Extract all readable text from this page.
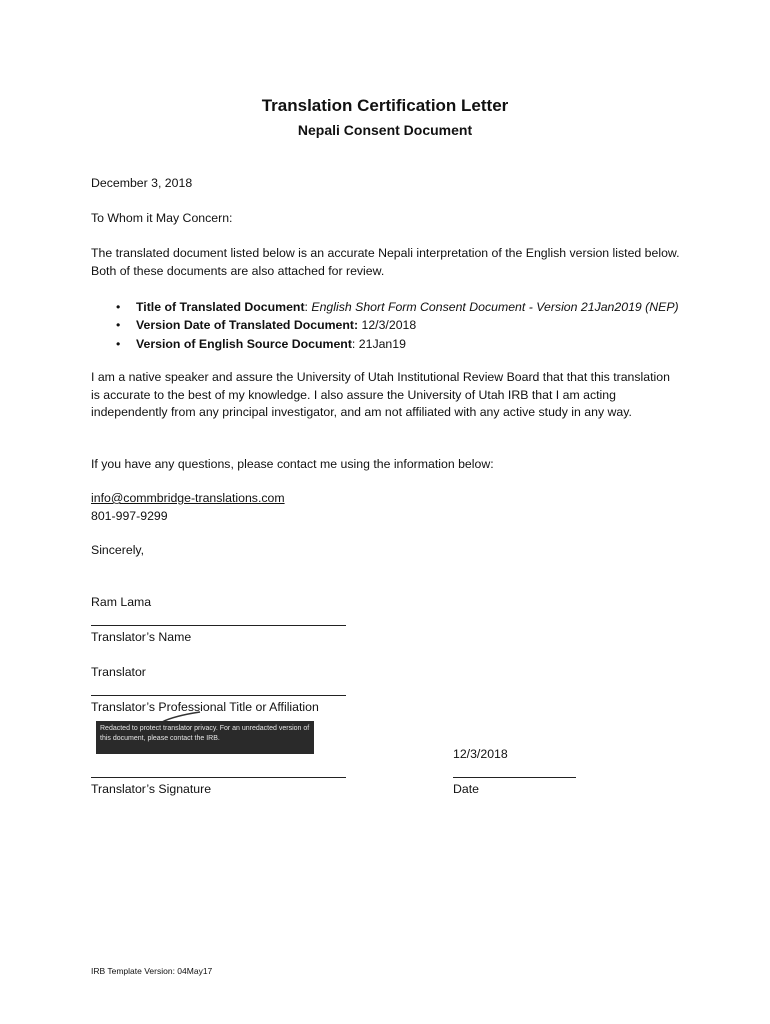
Translation Certification Letter
Nepali Consent Document
December 3, 2018
To Whom it May Concern:
The translated document listed below is an accurate Nepali interpretation of the English version listed below. Both of these documents are also attached for review.
• Title of Translated Document: English Short Form Consent Document - Version 21Jan2019 (NEP)
• Version Date of Translated Document: 12/3/2018
• Version of English Source Document: 21Jan19
I am a native speaker and assure the University of Utah Institutional Review Board that that this translation is accurate to the best of my knowledge. I also assure the University of Utah IRB that I am acting independently from any principal investigator, and am not affiliated with any active study in any way.
If you have any questions, please contact me using the information below:
info@commbridge-translations.com
801-997-9299
Sincerely,
Ram Lama
Translator’s Name
Translator
Translator’s Professional Title or Affiliation
Redacted to protect translator privacy. For an unredacted version of this document, please contact the IRB.
12/3/2018
Translator’s Signature	Date
IRB Template Version: 04May17
